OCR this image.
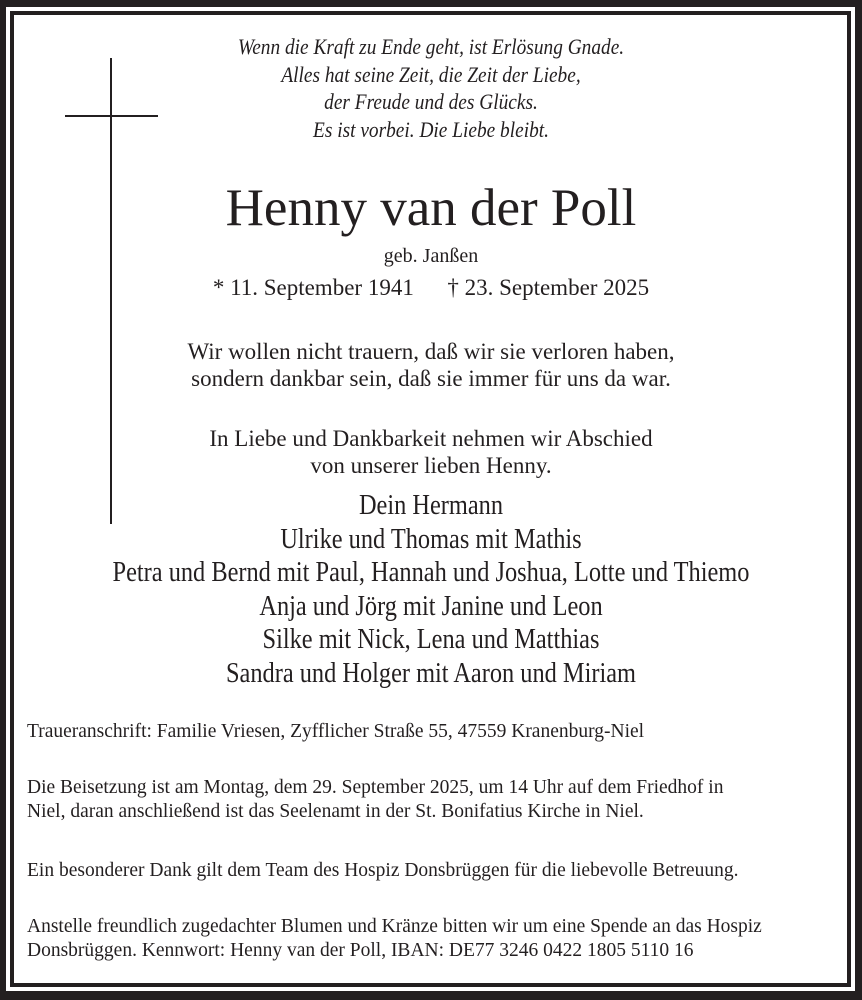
Wenn die Kraft zu Ende geht, ist Erlösung Gnade.
Alles hat seine Zeit, die Zeit der Liebe,
der Freude und des Glücks.
Es ist vorbei. Die Liebe bleibt.
Henny van der Poll
geb. Janßen
* 11. September 1941 † 23. September 2025
Wir wollen nicht trauern, daß wir sie verloren haben,
sondern dankbar sein, daß sie immer für uns da war.
In Liebe und Dankbarkeit nehmen wir Abschied
von unserer lieben Henny.
Dein Hermann
Ulrike und Thomas mit Mathis
Petra und Bernd mit Paul, Hannah und Joshua, Lotte und Thiemo
Anja und Jörg mit Janine und Leon
Silke mit Nick, Lena und Matthias
Sandra und Holger mit Aaron und Miriam
Traueranschrift: Familie Vriesen, Zyfflicher Straße 55, 47559 Kranenburg-Niel
Die Beisetzung ist am Montag, dem 29. September 2025, um 14 Uhr auf dem Friedhof in
Niel, daran anschließend ist das Seelenamt in der St. Bonifatius Kirche in Niel.
Ein besonderer Dank gilt dem Team des Hospiz Donsbrüggen für die liebevolle Betreuung.
Anstelle freundlich zugedachter Blumen und Kränze bitten wir um eine Spende an das Hospiz
Donsbrüggen. Kennwort: Henny van der Poll, IBAN: DE77 3246 0422 1805 5110 16
